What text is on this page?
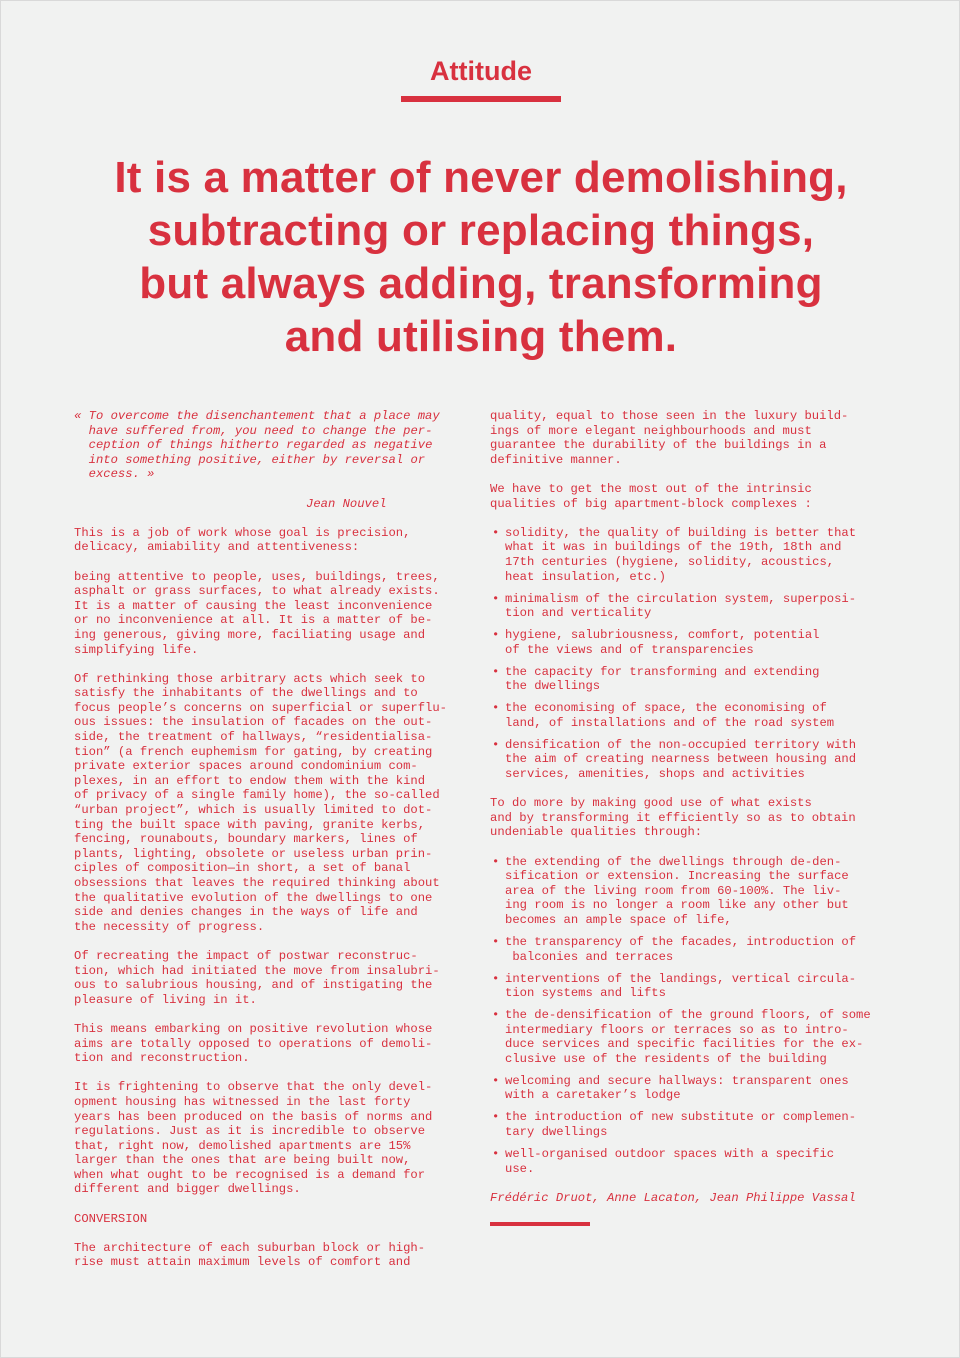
Attitude
It is a matter of never demolishing,
subtracting or replacing things,
but always adding, transforming
and utilising them.

« To overcome the disenchantement that a place may
have suffered from, you need to change the per-
ception of things hitherto regarded as negative
into something positive, either by reversal or
excess. »

Jean Nouvel

This is a job of work whose goal is precision,
delicacy, amiability and attentiveness:

being attentive to people, uses, buildings, trees,
asphalt or grass surfaces, to what already exists.
It is a matter of causing the least inconvenience
or no inconvenience at all. It is a matter of be-
ing generous, giving more, faciliating usage and
simplifying life.

Of rethinking those arbitrary acts which seek to
satisfy the inhabitants of the dwellings and to
focus people’s concerns on superficial or superflu-
ous issues: the insulation of facades on the out-
side, the treatment of hallways, “residentialisa-
tion” (a french euphemism for gating, by creating
private exterior spaces around condominium com-
plexes, in an effort to endow them with the kind
of privacy of a single family home), the so-called
“urban project”, which is usually limited to dot-
ting the built space with paving, granite kerbs,
fencing, rounabouts, boundary markers, lines of
plants, lighting, obsolete or useless urban prin-
ciples of composition—in short, a set of banal
obsessions that leaves the required thinking about
the qualitative evolution of the dwellings to one
side and denies changes in the ways of life and
the necessity of progress.

Of recreating the impact of postwar reconstruc-
tion, which had initiated the move from insalubri-
ous to salubrious housing, and of instigating the
pleasure of living in it.

This means embarking on positive revolution whose
aims are totally opposed to operations of demoli-
tion and reconstruction.

It is frightening to observe that the only devel-
opment housing has witnessed in the last forty
years has been produced on the basis of norms and
regulations. Just as it is incredible to observe
that, right now, demolished apartments are 15%
larger than the ones that are being built now,
when what ought to be recognised is a demand for
different and bigger dwellings.

CONVERSION

The architecture of each suburban block or high-
rise must attain maximum levels of comfort and

quality, equal to those seen in the luxury build-
ings of more elegant neighbourhoods and must
guarantee the durability of the buildings in a
definitive manner.

We have to get the most out of the intrinsic
qualities of big apartment-block complexes :

• solidity, the quality of building is better that
what it was in buildings of the 19th, 18th and
17th centuries (hygiene, solidity, acoustics,
heat insulation, etc.)
• minimalism of the circulation system, superposi-
tion and verticality
• hygiene, salubriousness, comfort, potential
of the views and of transparencies
• the capacity for transforming and extending
the dwellings
• the economising of space, the economising of
land, of installations and of the road system
• densification of the non-occupied territory with
the aim of creating nearness between housing and
services, amenities, shops and activities

To do more by making good use of what exists
and by transforming it efficiently so as to obtain
undeniable qualities through:

• the extending of the dwellings through de-den-
sification or extension. Increasing the surface
area of the living room from 60-100%. The liv-
ing room is no longer a room like any other but
becomes an ample space of life,
• the transparency of the facades, introduction of
balconies and terraces
• interventions of the landings, vertical circula-
tion systems and lifts
• the de-densification of the ground floors, of some
intermediary floors or terraces so as to intro-
duce services and specific facilities for the ex-
clusive use of the residents of the building
• welcoming and secure hallways: transparent ones
with a caretaker’s lodge
• the introduction of new substitute or complemen-
tary dwellings
• well-organised outdoor spaces with a specific
use.

Frédéric Druot, Anne Lacaton, Jean Philippe Vassal
